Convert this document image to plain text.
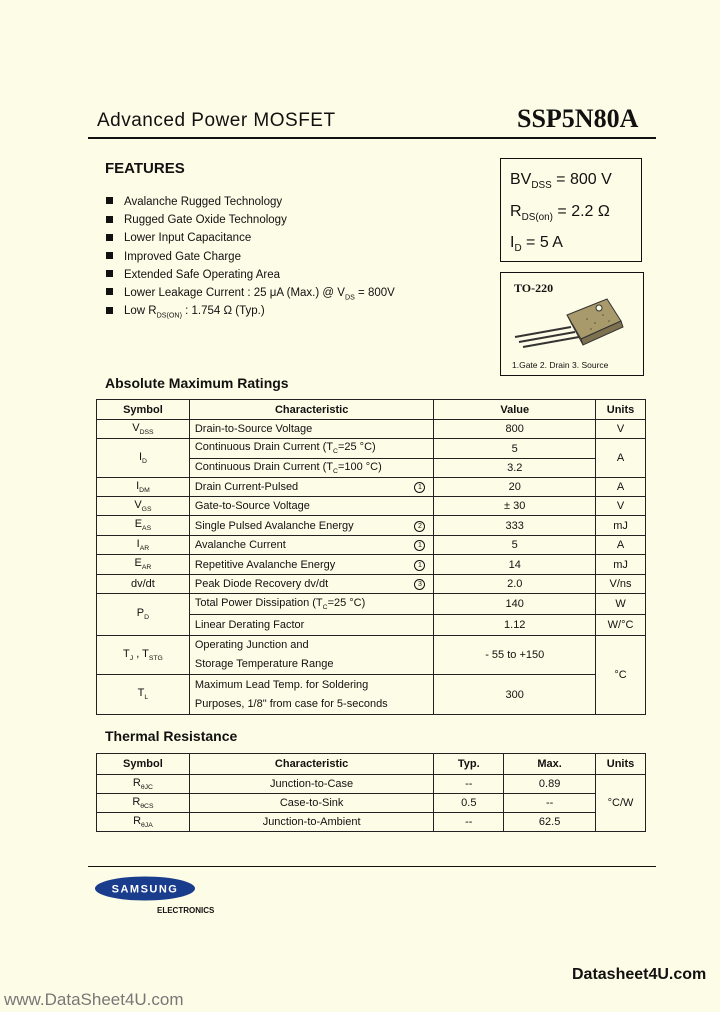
Advanced Power MOSFET	SSP5N80A
FEATURES
Avalanche Rugged Technology
Rugged Gate Oxide Technology
Lower Input Capacitance
Improved Gate Charge
Extended Safe Operating Area
Lower Leakage Current : 25 μA (Max.) @ $V_{DS} = 800V$
Low $R_{DS(ON)}$ : 1.754 Ω (Typ.)
$BV_{DSS} = 800$ V
$R_{DS(on)} = 2.2$ Ω
$I_D = 5$ A
TO-220
1.Gate 2. Drain 3. Source
Absolute Maximum Ratings
Symbol	Characteristic	Value	Units
$V_{DSS}$	Drain-to-Source Voltage	800	V
$I_D$	Continuous Drain Current ($T_C=25$ °C)	5	A
	Continuous Drain Current ($T_C=100$ °C)	3.2	
$I_{DM}$	Drain Current-Pulsed 1	20	A
$V_{GS}$	Gate-to-Source Voltage	± 30	V
$E_{AS}$	Single Pulsed Avalanche Energy 2	333	mJ
$I_{AR}$	Avalanche Current 1	5	A
$E_{AR}$	Repetitive Avalanche Energy 1	14	mJ
dv/dt	Peak Diode Recovery dv/dt 3	2.0	V/ns
$P_D$	Total Power Dissipation ($T_C=25$ °C)	140	W
	Linear Derating Factor	1.12	W/°C
$T_J$ , $T_{STG}$	Operating Junction and
Storage Temperature Range	- 55 to +150	°C
$T_L$	Maximum Lead Temp. for Soldering
Purposes, 1/8" from case for 5-seconds	300	
Thermal Resistance
Symbol	Characteristic	Typ.	Max.	Units
$R_{\theta JC}$	Junction-to-Case	--	0.89	°C/W
$R_{\theta CS}$	Case-to-Sink	0.5	--	
$R_{\theta JA}$	Junction-to-Ambient	--	62.5	
SAMSUNG
ELECTRONICS
Datasheet4U.com
www.DataSheet4U.com
